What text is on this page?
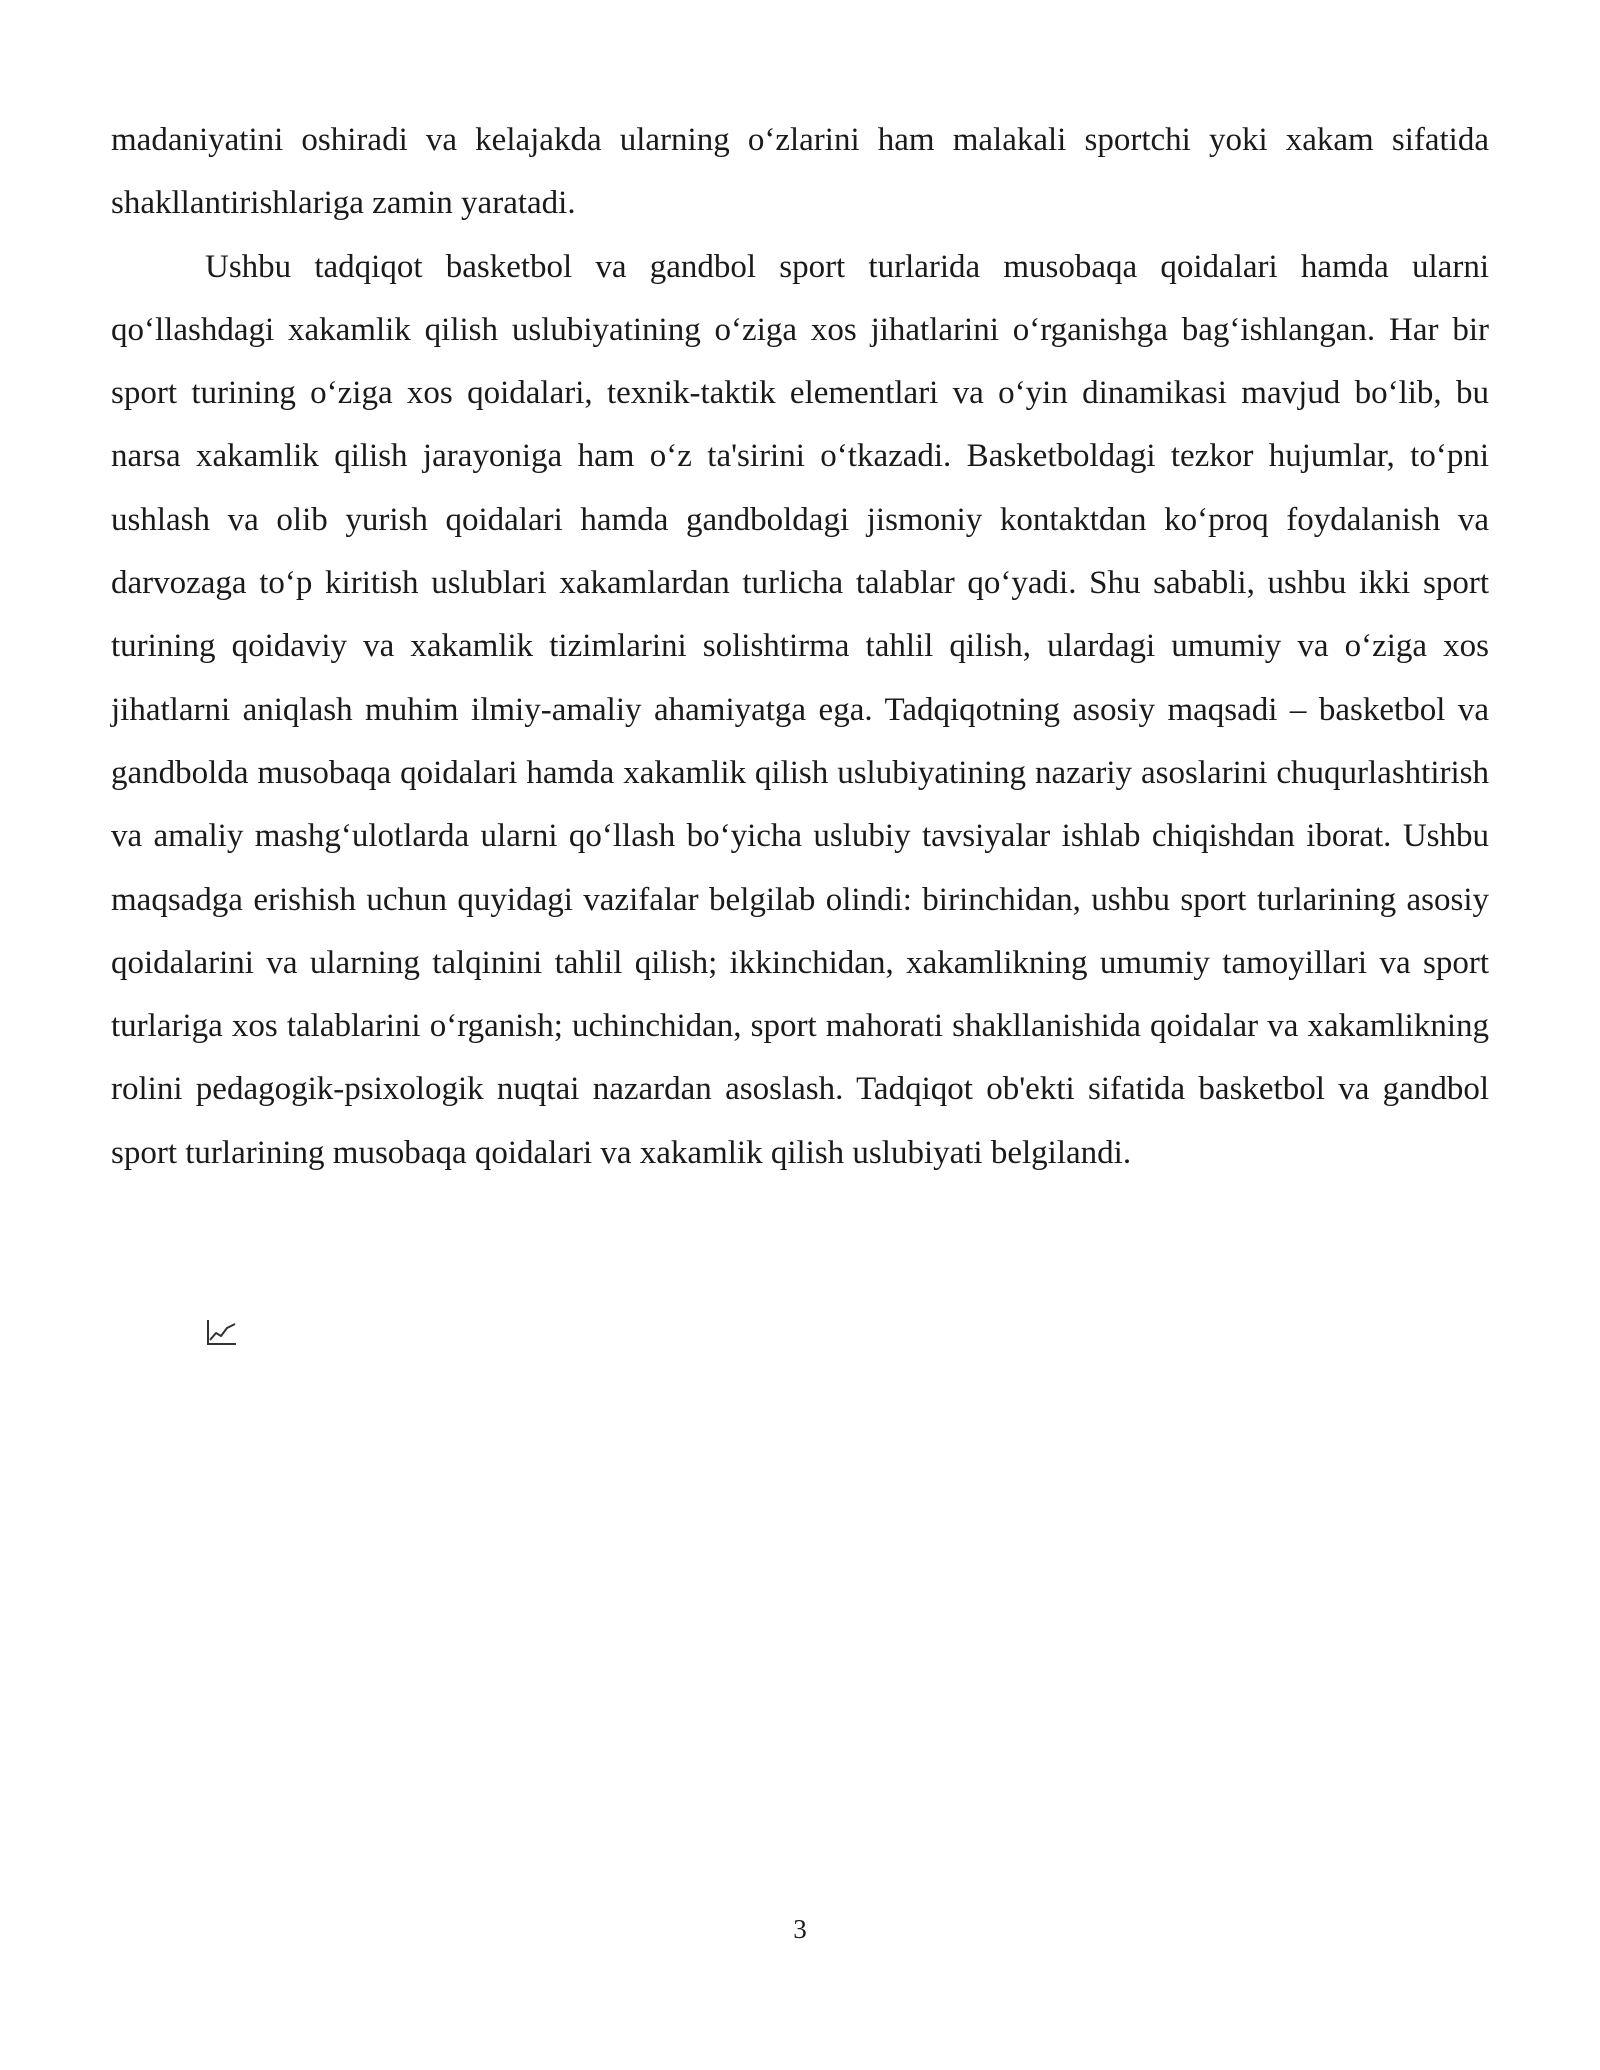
madaniyatini oshiradi va kelajakda ularning o‘zlarini ham malakali sportchi yoki xakam sifatida shakllantirishlariga zamin yaratadi.

Ushbu tadqiqot basketbol va gandbol sport turlarida musobaqa qoidalari hamda ularni qo‘llashdagi xakamlik qilish uslubiyatining o‘ziga xos jihatlarini o‘rganishga bag‘ishlangan. Har bir sport turining o‘ziga xos qoidalari, texnik-taktik elementlari va o‘yin dinamikasi mavjud bo‘lib, bu narsa xakamlik qilish jarayoniga ham o‘z ta'sirini o‘tkazadi. Basketboldagi tezkor hujumlar, to‘pni ushlash va olib yurish qoidalari hamda gandboldagi jismoniy kontaktdan ko‘proq foydalanish va darvozaga to‘p kiritish uslublari xakamlardan turlicha talablar qo‘yadi. Shu sababli, ushbu ikki sport turining qoidaviy va xakamlik tizimlarini solishtirma tahlil qilish, ulardagi umumiy va o‘ziga xos jihatlarni aniqlash muhim ilmiy-amaliy ahamiyatga ega. Tadqiqotning asosiy maqsadi – basketbol va gandbolda musobaqa qoidalari hamda xakamlik qilish uslubiyatining nazariy asoslarini chuqurlashtirish va amaliy mashg‘ulotlarda ularni qo‘llash bo‘yicha uslubiy tavsiyalar ishlab chiqishdan iborat. Ushbu maqsadga erishish uchun quyidagi vazifalar belgilab olindi: birinchidan, ushbu sport turlarining asosiy qoidalarini va ularning talqinini tahlil qilish; ikkinchidan, xakamlikning umumiy tamoyillari va sport turlariga xos talablarini o‘rganish; uchinchidan, sport mahorati shakllanishida qoidalar va xakamlikning rolini pedagogik-psixologik nuqtai nazardan asoslash. Tadqiqot ob'ekti sifatida basketbol va gandbol sport turlarining musobaqa qoidalari va xakamlik qilish uslubiyati belgilandi.

3
